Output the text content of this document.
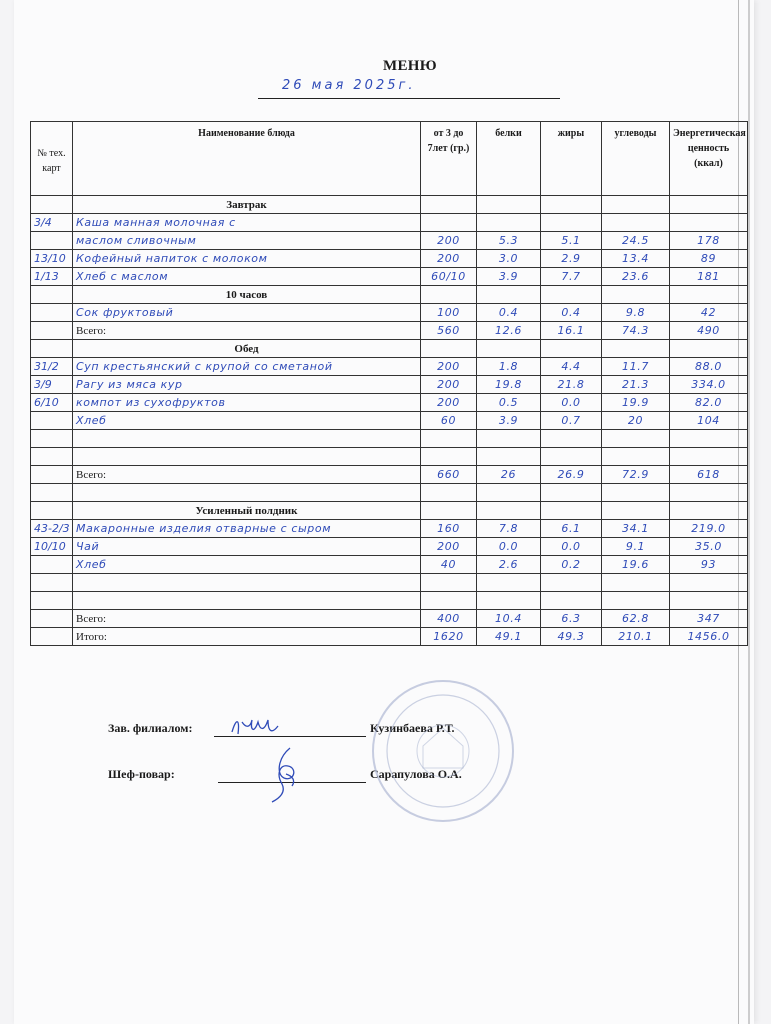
МЕНЮ
26 мая 2025г.
№ тех. карт	Наименование блюда	от 3 до 7лет (гр.)	белки	жиры	углеводы	Энергетическая ценность (ккал)
	Завтрак					
3/4	Каша манная молочная с					
	маслом сливочным	200	5.3	5.1	24.5	178
13/10	Кофейный напиток с молоком	200	3.0	2.9	13.4	89
1/13	Хлеб с маслом	60/10	3.9	7.7	23.6	181
	10 часов					
	Сок фруктовый	100	0.4	0.4	9.8	42
	Всего:	560	12.6	16.1	74.3	490
	Обед					
31/2	Суп крестьянский с крупой со сметаной	200	1.8	4.4	11.7	88.0
3/9	Рагу из мяса кур	200	19.8	21.8	21.3	334.0
6/10	компот из сухофруктов	200	0.5	0.0	19.9	82.0
	Хлеб	60	3.9	0.7	20	104

	Всего:	660	26	26.9	72.9	618

	Усиленный полдник					
43-2/3	Макаронные изделия отварные с сыром	160	7.8	6.1	34.1	219.0
10/10	Чай	200	0.0	0.0	9.1	35.0
	Хлеб	40	2.6	0.2	19.6	93

	Всего:	400	10.4	6.3	62.8	347
	Итого:	1620	49.1	49.3	210.1	1456.0
Зав. филиалом:	Кузинбаева Р.Т.
Шеф-повар:	Сарапулова О.А.
